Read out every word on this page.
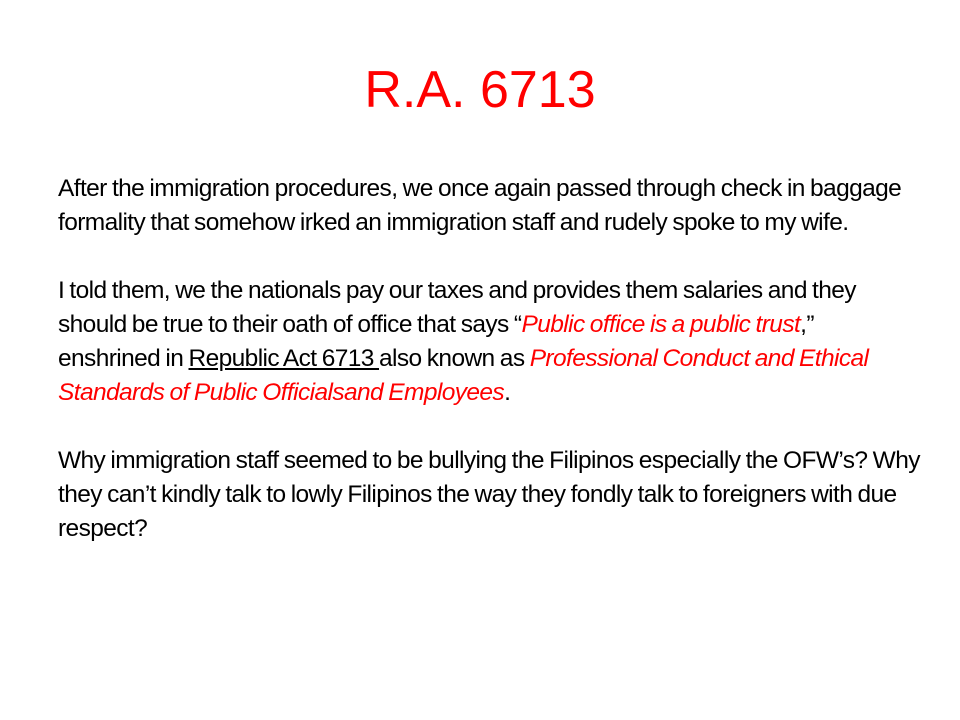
R.A. 6713

After the immigration procedures, we once again passed through check in baggage formality that somehow irked an immigration staff and rudely spoke to my wife.

I told them, we the nationals pay our taxes and provides them salaries and they should be true to their oath of office that says “Public office is a public trust,” enshrined in Republic Act 6713 also known as Professional Conduct and Ethical Standards of Public Officialsand Employees.

Why immigration staff seemed to be bullying the Filipinos especially the OFW’s? Why they can’t kindly talk to lowly Filipinos the way they fondly talk to foreigners with due respect?
